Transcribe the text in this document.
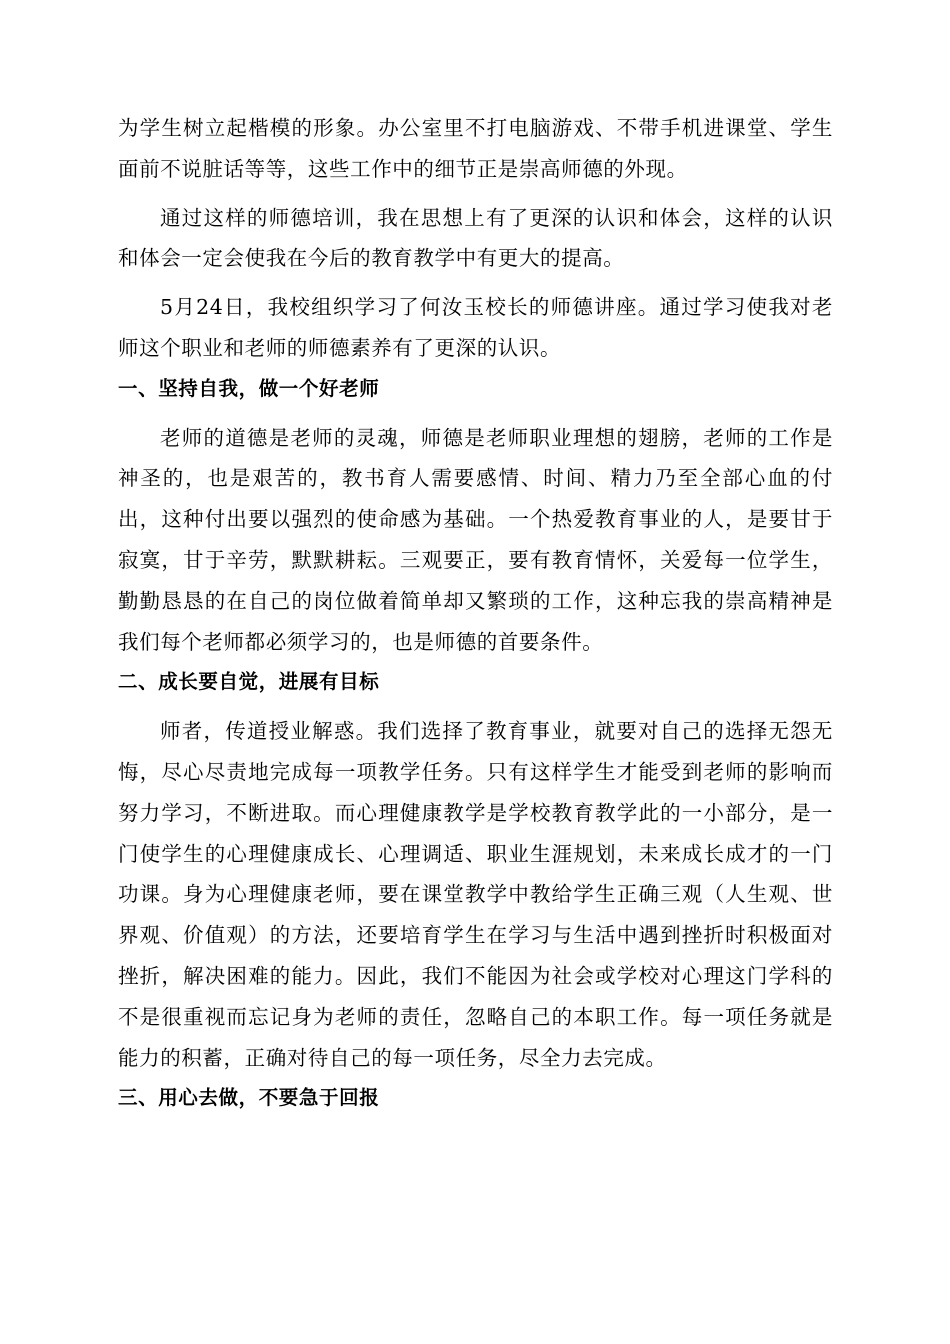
为学生树立起楷模的形象。办公室里不打电脑游戏、不带手机进课堂、学生面前不说脏话等等，这些工作中的细节正是崇高师德的外现。

通过这样的师德培训，我在思想上有了更深的认识和体会，这样的认识和体会一定会使我在今后的教育教学中有更大的提高。

5月24日，我校组织学习了何汝玉校长的师德讲座。通过学习使我对老师这个职业和老师的师德素养有了更深的认识。

一、坚持自我，做一个好老师

老师的道德是老师的灵魂，师德是老师职业理想的翅膀，老师的工作是神圣的，也是艰苦的，教书育人需要感情、时间、精力乃至全部心血的付出，这种付出要以强烈的使命感为基础。一个热爱教育事业的人，是要甘于寂寞，甘于辛劳，默默耕耘。三观要正，要有教育情怀，关爱每一位学生，勤勤恳恳的在自己的岗位做着简单却又繁琐的工作，这种忘我的崇高精神是我们每个老师都必须学习的，也是师德的首要条件。

二、成长要自觉，进展有目标

师者，传道授业解惑。我们选择了教育事业，就要对自己的选择无怨无悔，尽心尽责地完成每一项教学任务。只有这样学生才能受到老师的影响而努力学习，不断进取。而心理健康教学是学校教育教学此的一小部分，是一门使学生的心理健康成长、心理调适、职业生涯规划，未来成长成才的一门功课。身为心理健康老师，要在课堂教学中教给学生正确三观（人生观、世界观、价值观）的方法，还要培育学生在学习与生活中遇到挫折时积极面对挫折，解决困难的能力。因此，我们不能因为社会或学校对心理这门学科的不是很重视而忘记身为老师的责任，忽略自己的本职工作。每一项任务就是能力的积蓄，正确对待自己的每一项任务，尽全力去完成。

三、用心去做，不要急于回报
